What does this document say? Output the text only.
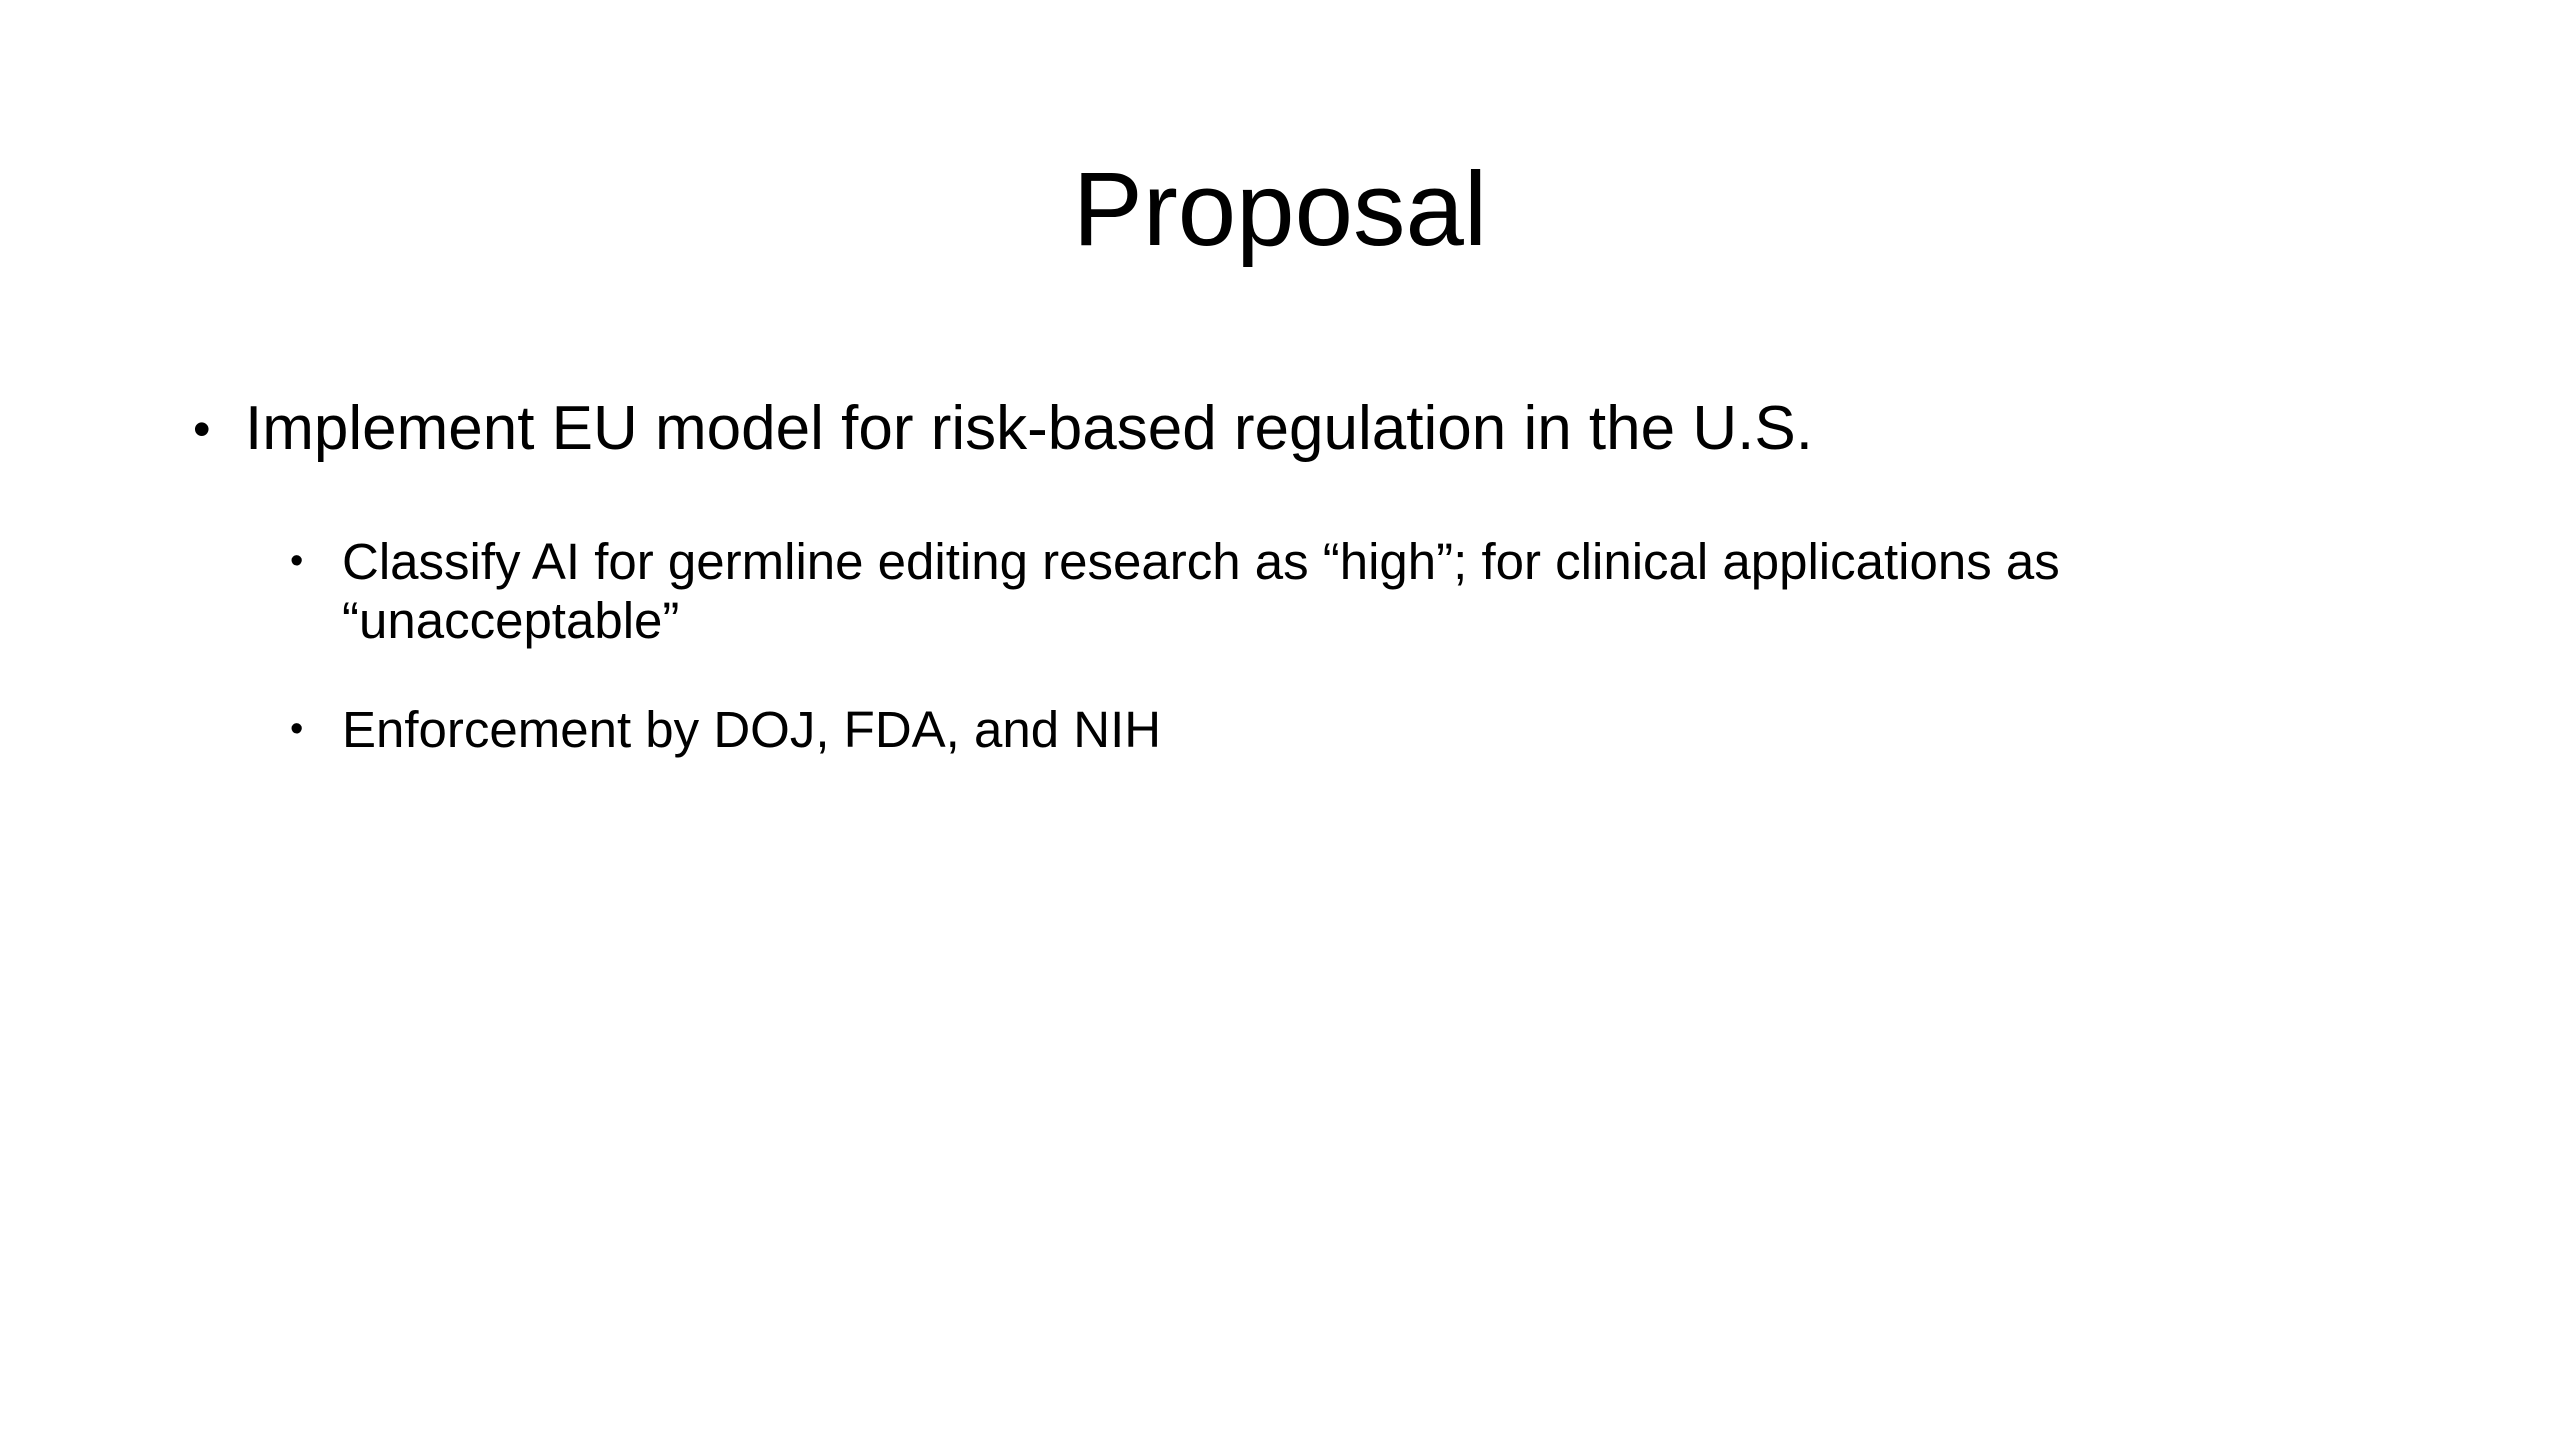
Proposal
• Implement EU model for risk-based regulation in the U.S.
• Classify AI for germline editing research as “high”; for clinical applications as “unacceptable”
• Enforcement by DOJ, FDA, and NIH
